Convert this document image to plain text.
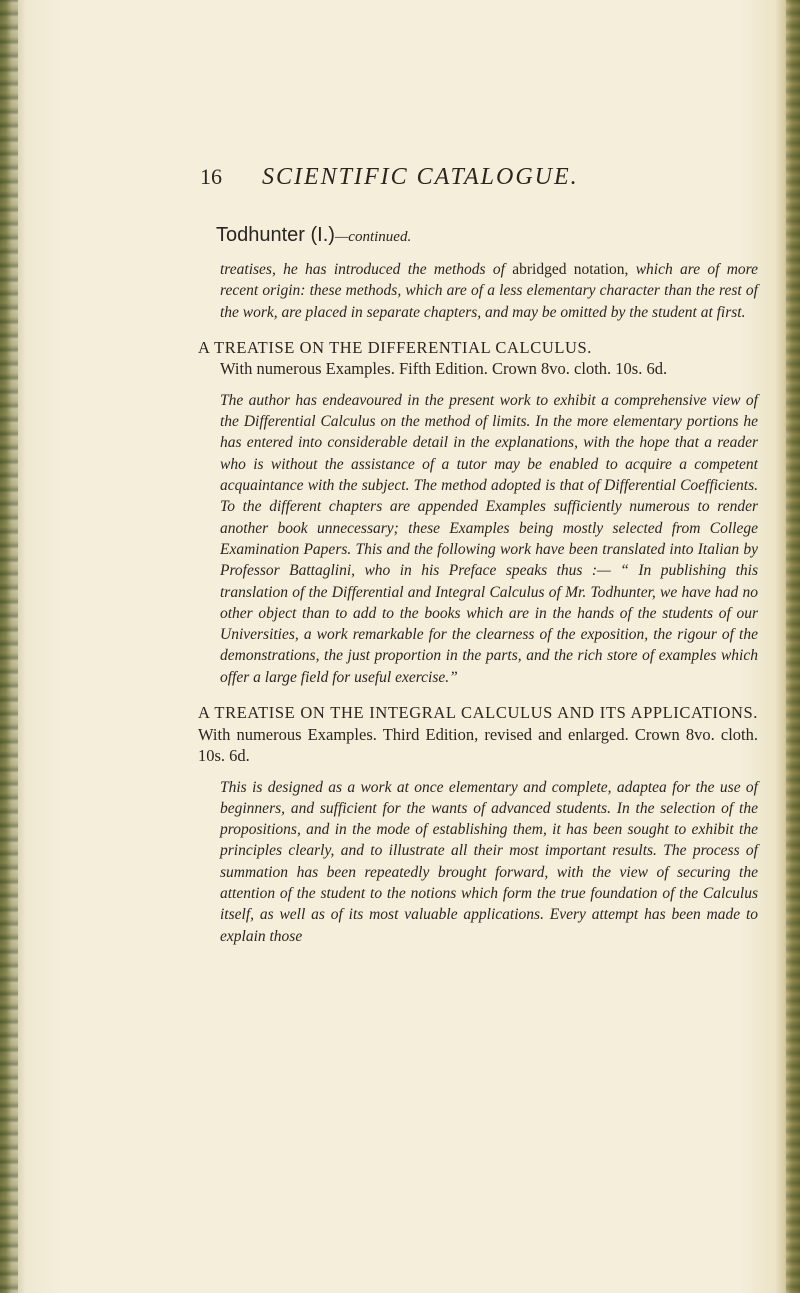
16 SCIENTIFIC CATALOGUE.
Todhunter (I.)—continued.

treatises, he has introduced the methods of abridged notation, which are of more recent origin: these methods, which are of a less elementary character than the rest of the work, are placed in separate chapters, and may be omitted by the student at first.

A TREATISE ON THE DIFFERENTIAL CALCULUS.
With numerous Examples. Fifth Edition. Crown 8vo. cloth. 10s. 6d.

The author has endeavoured in the present work to exhibit a comprehensive view of the Differential Calculus on the method of limits. In the more elementary portions he has entered into considerable detail in the explanations, with the hope that a reader who is without the assistance of a tutor may be enabled to acquire a competent acquaintance with the subject. The method adopted is that of Differential Coefficients. To the different chapters are appended Examples sufficiently numerous to render another book unnecessary; these Examples being mostly selected from College Examination Papers. This and the following work have been translated into Italian by Professor Battaglini, who in his Preface speaks thus :— “ In publishing this translation of the Differential and Integral Calculus of Mr. Todhunter, we have had no other object than to add to the books which are in the hands of the students of our Universities, a work remarkable for the clearness of the exposition, the rigour of the demonstrations, the just proportion in the parts, and the rich store of examples which offer a large field for useful exercise.”

A TREATISE ON THE INTEGRAL CALCULUS AND ITS APPLICATIONS. With numerous Examples. Third Edition, revised and enlarged. Crown 8vo. cloth. 10s. 6d.

This is designed as a work at once elementary and complete, adaptea for the use of beginners, and sufficient for the wants of advanced students. In the selection of the propositions, and in the mode of establishing them, it has been sought to exhibit the principles clearly, and to illustrate all their most important results. The process of summation has been repeatedly brought forward, with the view of securing the attention of the student to the notions which form the true foundation of the Calculus itself, as well as of its most valuable applications. Every attempt has been made to explain those
